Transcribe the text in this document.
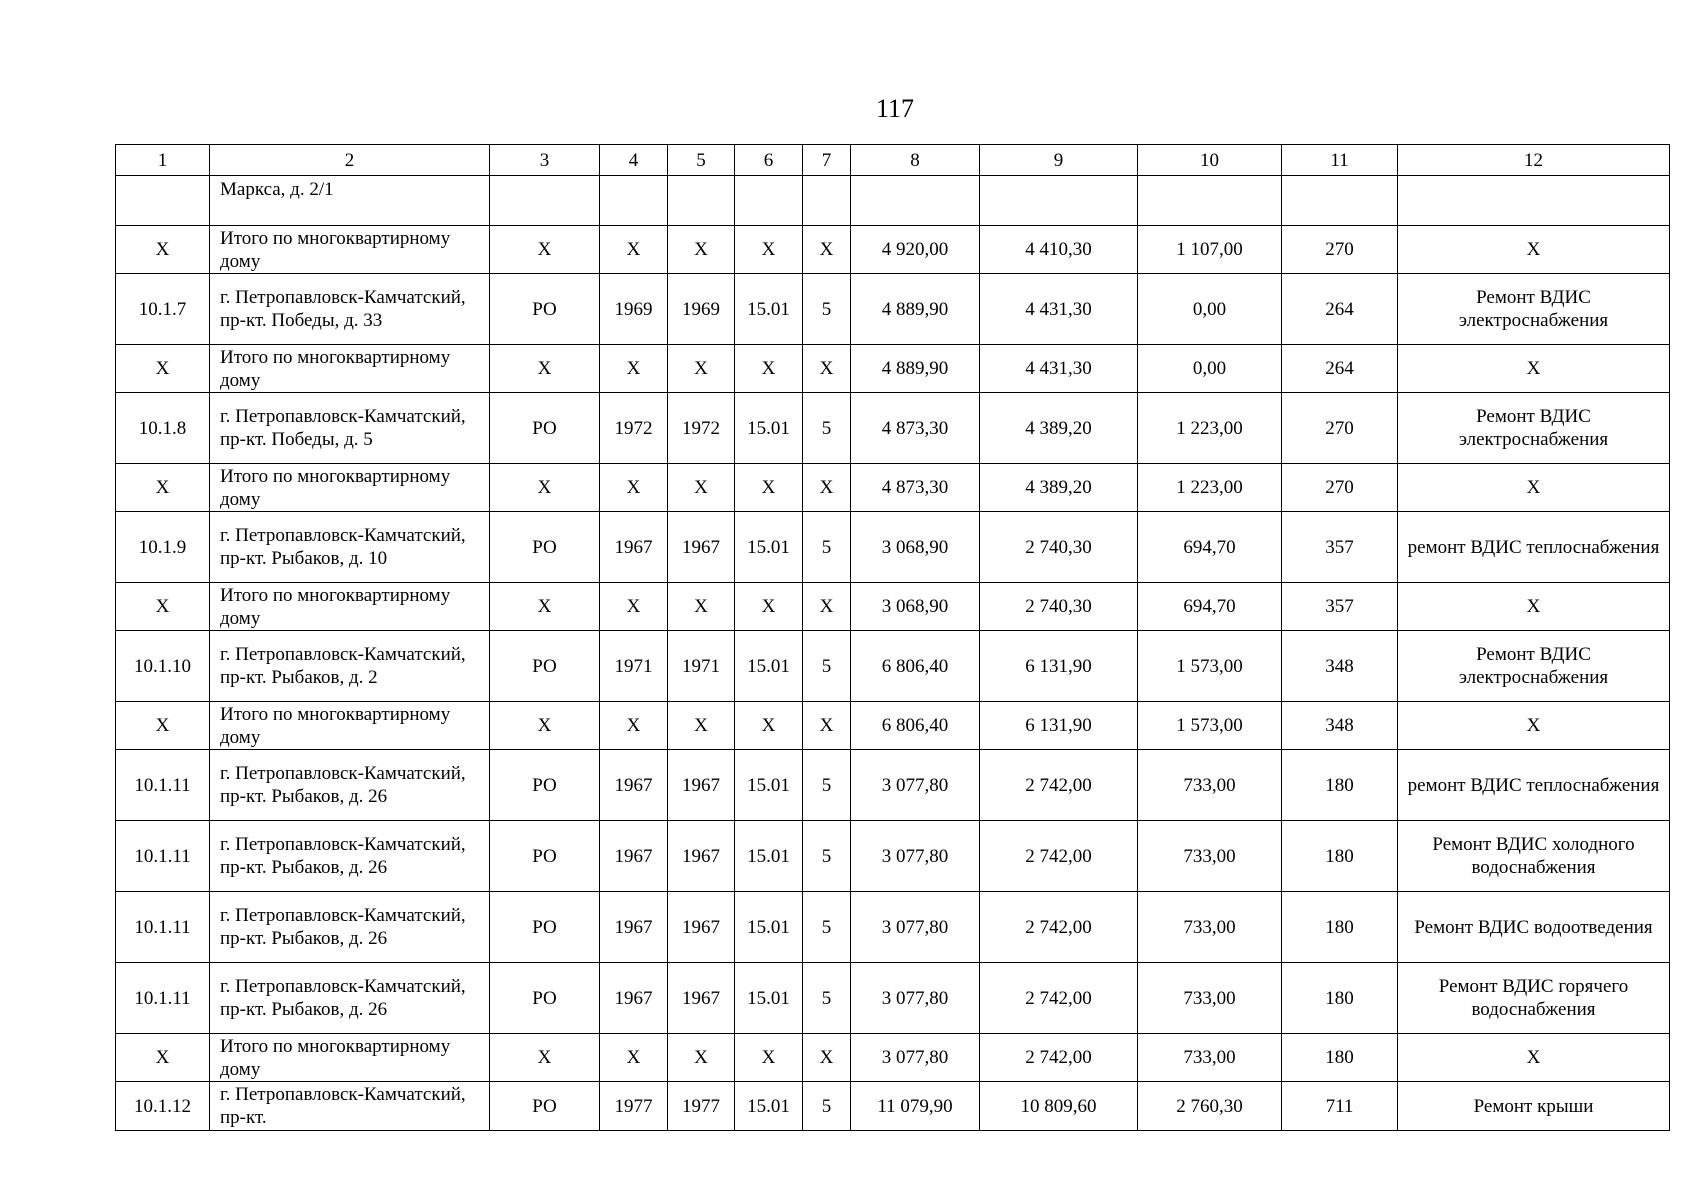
117
1	2	3	4	5	6	7	8	9	10	11	12
	Маркса, д. 2/1										
Х	Итого по многоквартирному дому	Х	Х	Х	Х	Х	4 920,00	4 410,30	1 107,00	270	Х
10.1.7	г. Петропавловск-Камчатский, пр-кт. Победы, д. 33	РО	1969	1969	15.01	5	4 889,90	4 431,30	0,00	264	Ремонт ВДИС электроснабжения
Х	Итого по многоквартирному дому	Х	Х	Х	Х	Х	4 889,90	4 431,30	0,00	264	Х
10.1.8	г. Петропавловск-Камчатский, пр-кт. Победы, д. 5	РО	1972	1972	15.01	5	4 873,30	4 389,20	1 223,00	270	Ремонт ВДИС электроснабжения
Х	Итого по многоквартирному дому	Х	Х	Х	Х	Х	4 873,30	4 389,20	1 223,00	270	Х
10.1.9	г. Петропавловск-Камчатский, пр-кт. Рыбаков, д. 10	РО	1967	1967	15.01	5	3 068,90	2 740,30	694,70	357	ремонт ВДИС теплоснабжения
Х	Итого по многоквартирному дому	Х	Х	Х	Х	Х	3 068,90	2 740,30	694,70	357	Х
10.1.10	г. Петропавловск-Камчатский, пр-кт. Рыбаков, д. 2	РО	1971	1971	15.01	5	6 806,40	6 131,90	1 573,00	348	Ремонт ВДИС электроснабжения
Х	Итого по многоквартирному дому	Х	Х	Х	Х	Х	6 806,40	6 131,90	1 573,00	348	Х
10.1.11	г. Петропавловск-Камчатский, пр-кт. Рыбаков, д. 26	РО	1967	1967	15.01	5	3 077,80	2 742,00	733,00	180	ремонт ВДИС теплоснабжения
10.1.11	г. Петропавловск-Камчатский, пр-кт. Рыбаков, д. 26	РО	1967	1967	15.01	5	3 077,80	2 742,00	733,00	180	Ремонт ВДИС холодного водоснабжения
10.1.11	г. Петропавловск-Камчатский, пр-кт. Рыбаков, д. 26	РО	1967	1967	15.01	5	3 077,80	2 742,00	733,00	180	Ремонт ВДИС водоотведения
10.1.11	г. Петропавловск-Камчатский, пр-кт. Рыбаков, д. 26	РО	1967	1967	15.01	5	3 077,80	2 742,00	733,00	180	Ремонт ВДИС горячего водоснабжения
Х	Итого по многоквартирному дому	Х	Х	Х	Х	Х	3 077,80	2 742,00	733,00	180	Х
10.1.12	г. Петропавловск-Камчатский, пр-кт.	РО	1977	1977	15.01	5	11 079,90	10 809,60	2 760,30	711	Ремонт крыши
